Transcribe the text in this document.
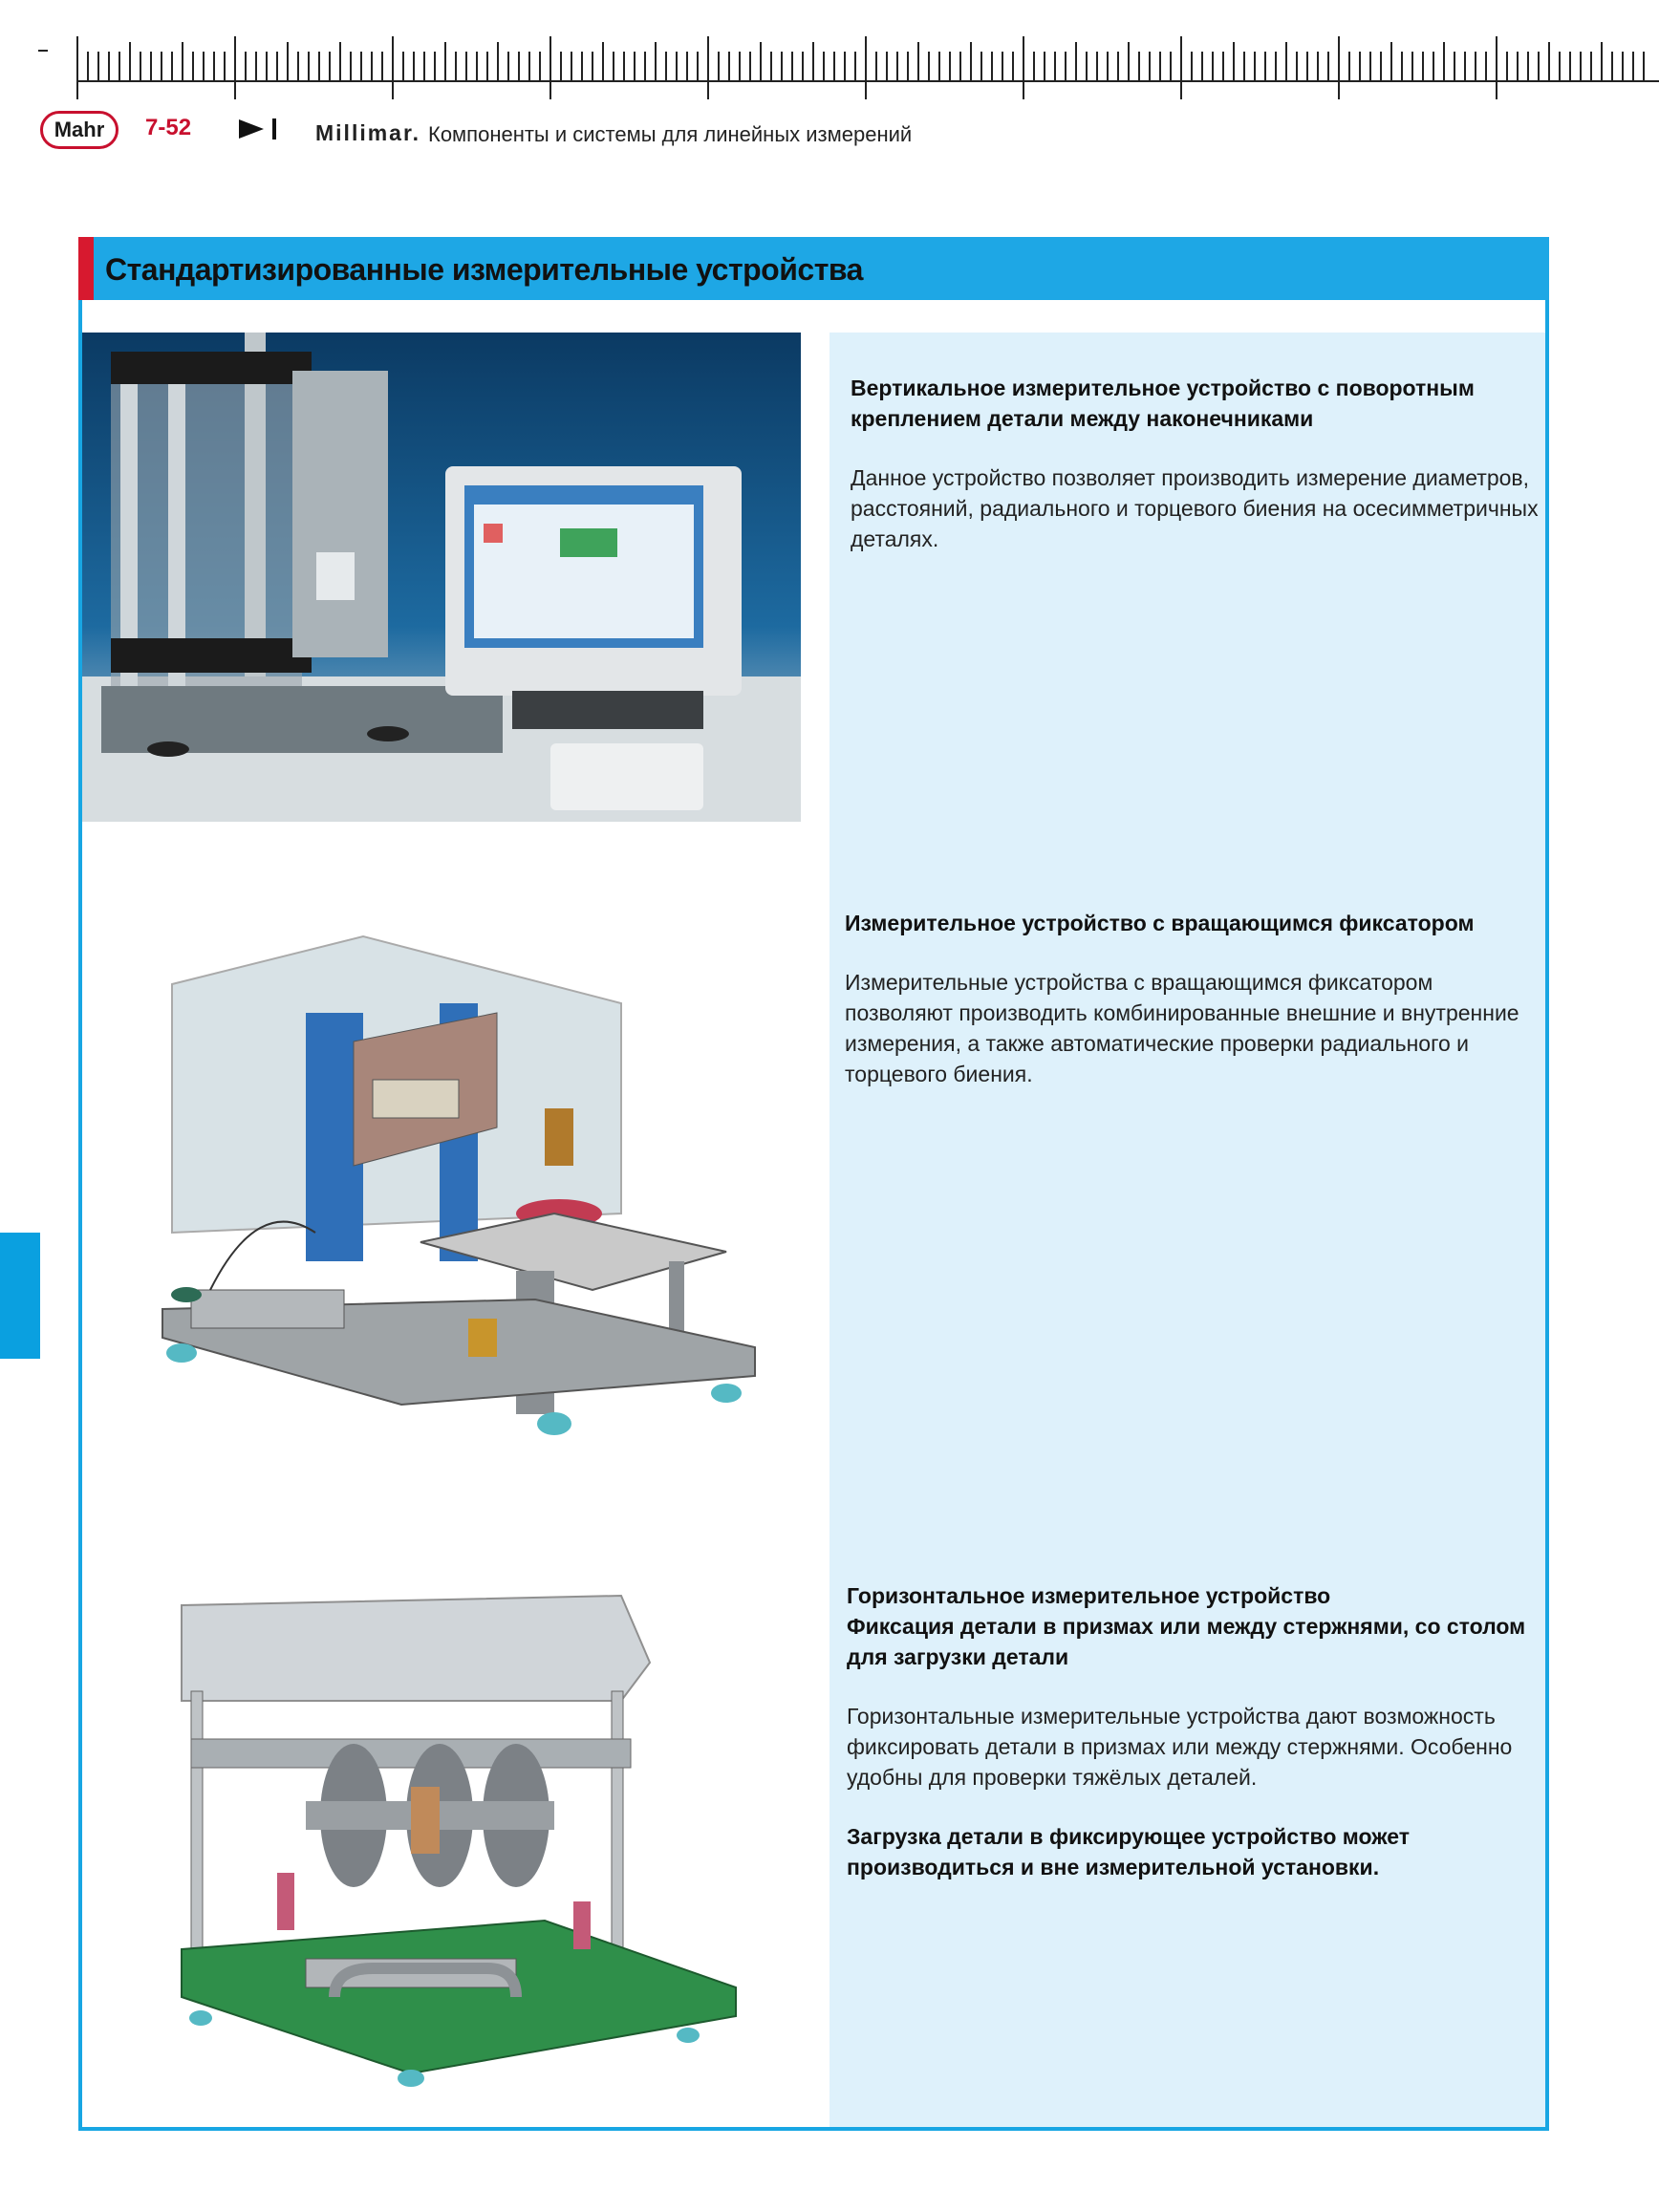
Mahr	7-52	Millimar. Компоненты и системы для линейных измерений
Стандартизированные измерительные устройства
Вертикальное измерительное устройство с поворотным креплением детали между наконечниками

Данное устройство позволяет производить измерение диаметров, расстояний, радиального и торцевого биения на осесимметричных деталях.

Измерительное устройство с вращающимся фиксатором

Измерительные устройства с вращающимся фиксатором позволяют производить комбинированные внешние и внутренние измерения, а также автоматические проверки радиального и торцевого биения.

Горизонтальное измерительное устройство
Фиксация детали в призмах или между стержнями, со столом для загрузки детали

Горизонтальные измерительные устройства дают возможность фиксировать детали в призмах или между стержнями. Особенно удобны для проверки тяжёлых деталей.

Загрузка детали в фиксирующее устройство может производиться и вне измерительной установки.
